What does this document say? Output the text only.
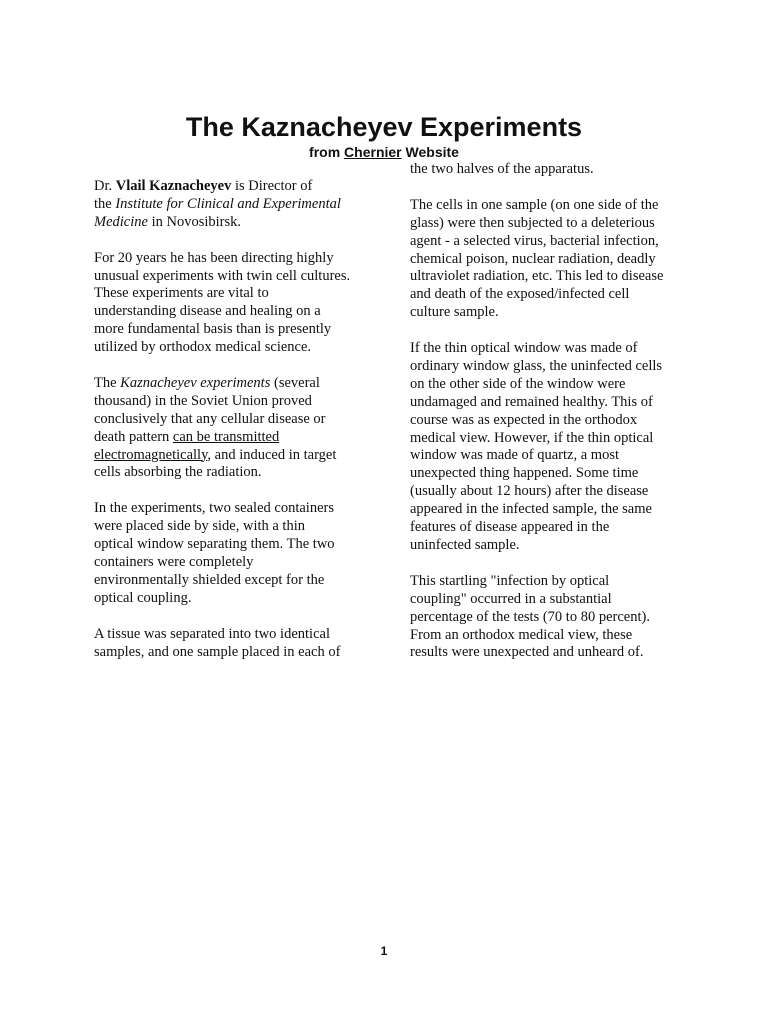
The Kaznacheyev Experiments
from Chernier Website

Dr. Vlail Kaznacheyev is Director of
the Institute for Clinical and Experimental
Medicine in Novosibirsk.

For 20 years he has been directing highly
unusual experiments with twin cell cultures.
These experiments are vital to
understanding disease and healing on a
more fundamental basis than is presently
utilized by orthodox medical science.

The Kaznacheyev experiments (several
thousand) in the Soviet Union proved
conclusively that any cellular disease or
death pattern can be transmitted
electromagnetically, and induced in target
cells absorbing the radiation.

In the experiments, two sealed containers
were placed side by side, with a thin
optical window separating them. The two
containers were completely
environmentally shielded except for the
optical coupling.

A tissue was separated into two identical
samples, and one sample placed in each of

the two halves of the apparatus.

The cells in one sample (on one side of the
glass) were then subjected to a deleterious
agent - a selected virus, bacterial infection,
chemical poison, nuclear radiation, deadly
ultraviolet radiation, etc. This led to disease
and death of the exposed/infected cell
culture sample.

If the thin optical window was made of
ordinary window glass, the uninfected cells
on the other side of the window were
undamaged and remained healthy. This of
course was as expected in the orthodox
medical view. However, if the thin optical
window was made of quartz, a most
unexpected thing happened. Some time
(usually about 12 hours) after the disease
appeared in the infected sample, the same
features of disease appeared in the
uninfected sample.

This startling "infection by optical
coupling" occurred in a substantial
percentage of the tests (70 to 80 percent).
From an orthodox medical view, these
results were unexpected and unheard of.

1
